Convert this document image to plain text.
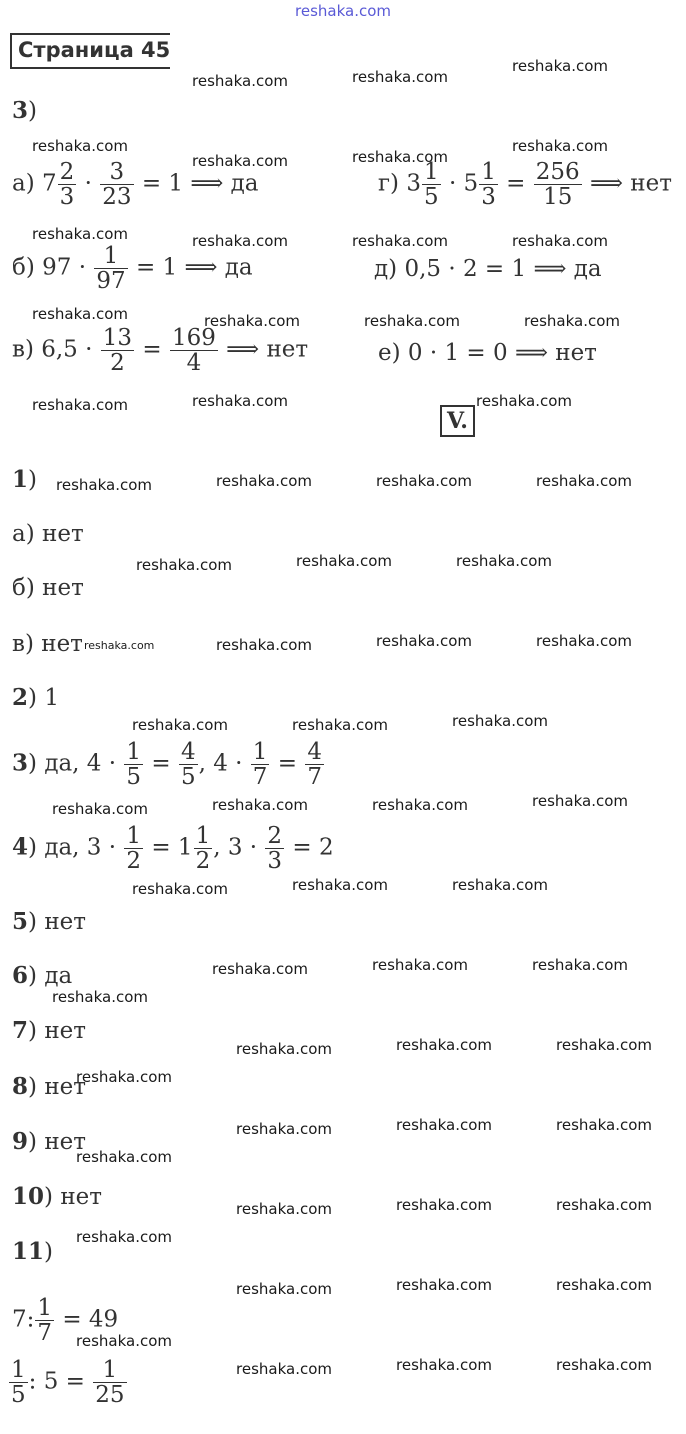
reshaka.com
Страница 45
3)
а) $7 \frac{2}{3} \cdot \frac{3}{23} = 1$ ⟹ да	г) $3 \frac{1}{5} \cdot 5 \frac{1}{3} = \frac{256}{15}$ ⟹ нет
б) $97 \cdot \frac{1}{97} = 1$ ⟹ да	д) 0,5 · 2 = 1 ⟹ да
в) $6,5 \cdot \frac{13}{2} = \frac{169}{4}$ ⟹ нет	е) 0 · 1 = 0 ⟹ нет
V.
1)
а) нет
б) нет
в) нет
2) 1
3) да, $4 \cdot \frac{1}{5} = \frac{4}{5}$ , $4 \cdot \frac{1}{7} = \frac{4}{7}$
4) да, $3 \cdot \frac{1}{2} = 1 \frac{1}{2}$ , $3 \cdot \frac{2}{3} = 2$
5) нет
6) да
7) нет
8) нет
9) нет
10) нет
11)
7: $\frac{1}{7} = 49$
$\frac{1}{5}$ : $5 = \frac{1}{25}$
reshaka.com	reshaka.com
reshaka.com
reshaka.com
reshaka.com	reshaka.com
reshaka.com
reshaka.com	reshaka.com	reshaka.com	reshaka.com
reshaka.com	reshaka.com	reshaka.com	reshaka.com
reshaka.com	reshaka.com	reshaka.com
reshaka.com	reshaka.com	reshaka.com	reshaka.com
reshaka.com	reshaka.com	reshaka.com
reshaka.com	reshaka.com	reshaka.com	reshaka.com
reshaka.com	reshaka.com	reshaka.com
reshaka.com	reshaka.com	reshaka.com	reshaka.com
reshaka.com	reshaka.com	reshaka.com
reshaka.com	reshaka.com	reshaka.com
reshaka.com
reshaka.com	reshaka.com	reshaka.com
reshaka.com
reshaka.com	reshaka.com	reshaka.com
reshaka.com
reshaka.com	reshaka.com	reshaka.com
reshaka.com
reshaka.com	reshaka.com	reshaka.com
reshaka.com
reshaka.com	reshaka.com	reshaka.com
